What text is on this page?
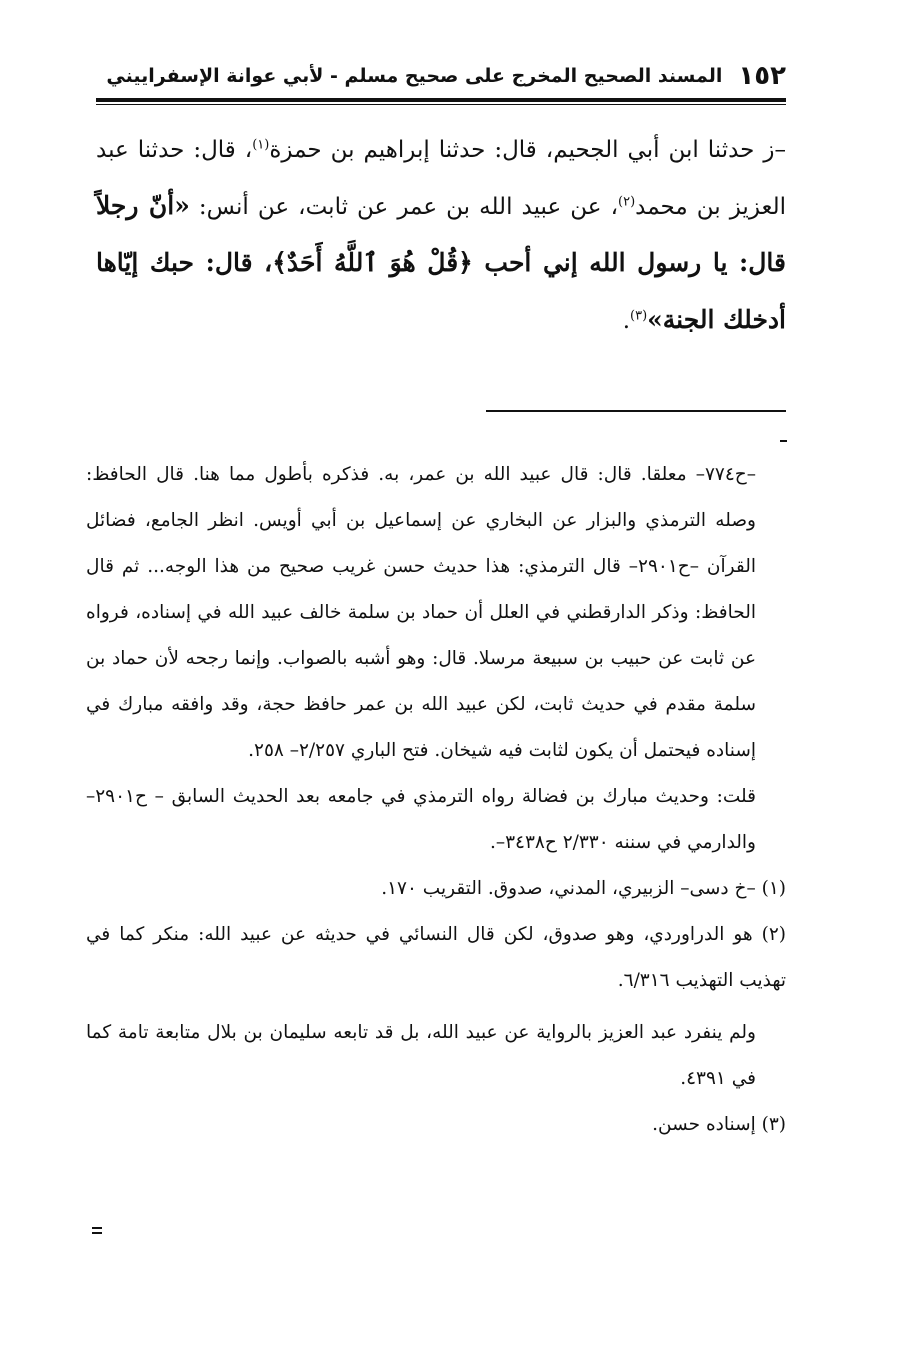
١٥٢
المسند الصحيح المخرج على صحيح مسلم - لأبي عوانة الإسفراييني

–ز حدثنا ابن أبي الجحيم، قال: حدثنا إبراهيم بن حمزة$^{(١)}$، قال: حدثنا عبد العزيز بن محمد$^{(٢)}$، عن عبيد الله بن عمر عن ثابت، عن أنس: «أنّ رجلاً قال: يا رسول الله إني أحب ﴿قُلْ هُوَ ٱللَّهُ أَحَدٌ﴾، قال: حبك إيّاها أدخلك الجنة»$^{(٣)}$.

–ح٧٧٤– معلقا. قال: قال عبيد الله بن عمر، به. فذكره بأطول مما هنا. قال الحافظ: وصله الترمذي والبزار عن البخاري عن إسماعيل بن أبي أويس. انظر الجامع، فضائل القرآن –ح٢٩٠١– قال الترمذي: هذا حديث حسن غريب صحيح من هذا الوجه... ثم قال الحافظ: وذكر الدارقطني في العلل أن حماد بن سلمة خالف عبيد الله في إسناده، فرواه عن ثابت عن حبيب بن سبيعة مرسلا. قال: وهو أشبه بالصواب. وإنما رجحه لأن حماد بن سلمة مقدم في حديث ثابت، لكن عبيد الله بن عمر حافظ حجة، وقد وافقه مبارك في إسناده فيحتمل أن يكون لثابت فيه شيخان. فتح الباري ٢/٢٥٧– ٢٥٨.

قلت: وحديث مبارك بن فضالة رواه الترمذي في جامعه بعد الحديث السابق – ح٢٩٠١– والدارمي في سننه ٢/٣٣٠ ح٣٤٣٨–.

(١) –خ دسی– الزبيري، المدني، صدوق. التقريب ١٧٠.

(٢) هو الدراوردي، وهو صدوق، لكن قال النسائي في حديثه عن عبيد الله: منكر كما في تهذيب التهذيب ٦/٣١٦.

ولم ينفرد عبد العزيز بالرواية عن عبيد الله، بل قد تابعه سليمان بن بلال متابعة تامة كما في ٤٣٩١.

(٣) إسناده حسن.
